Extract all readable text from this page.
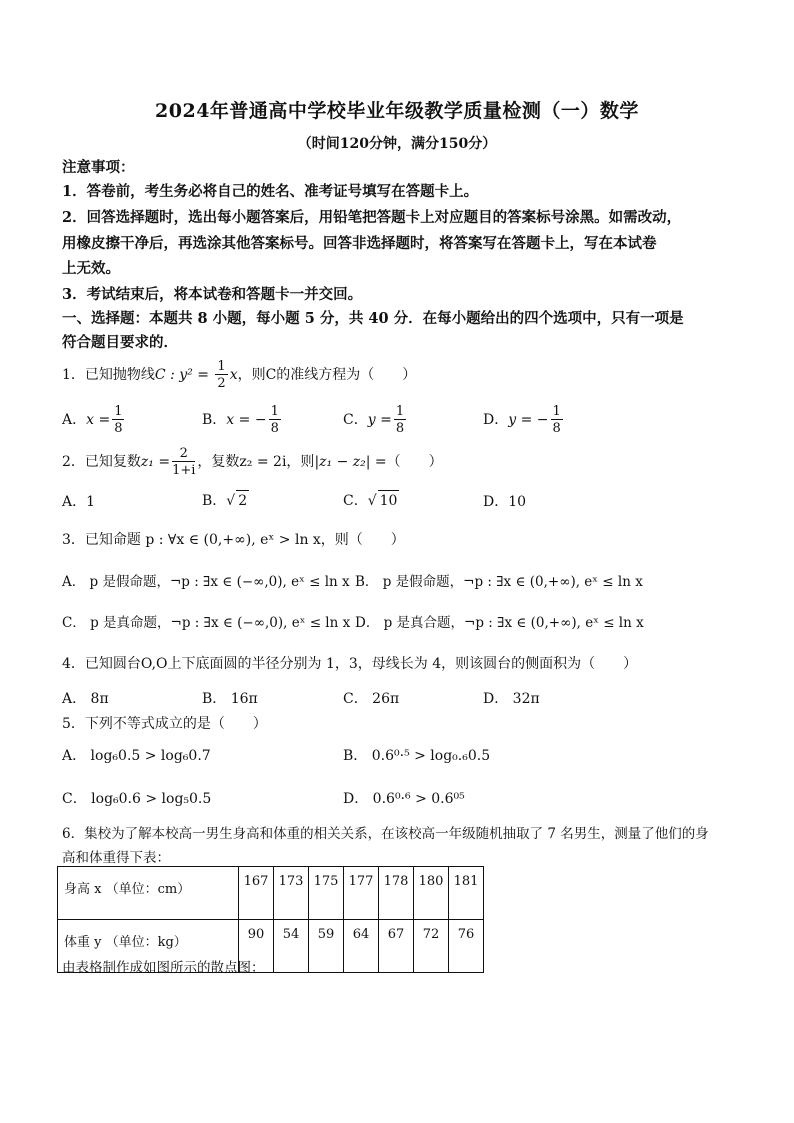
2024年普通高中学校毕业年级教学质量检测（一）数学
（时间120分钟，满分150分）
注意事项：
1．答卷前，考生务必将自己的姓名、准考证号填写在答题卡上。
2．回答选择题时，选出每小题答案后，用铅笔把答题卡上对应题目的答案标号涂黑。如需改动，
用橡皮擦干净后，再选涂其他答案标号。回答非选择题时，将答案写在答题卡上，写在本试卷
上无效。
3．考试结束后，将本试卷和答题卡一并交回。
一、选择题：本题共 8 小题，每小题 5 分，共 40 分．在每小题给出的四个选项中，只有一项是
符合题目要求的．
1．已知抛物线C : $y^2 = \frac{1}{2}$ x，则C的准线方程为（　　）
A．$x = \frac{1}{8}$	B．x = − $\frac{1}{8}$	C．$y = \frac{1}{8}$	D．y = − $\frac{1}{8}$
2．已知复数$z_1 = \frac{2}{1+i}$ ，复数z₂ = 2i，则|z₁ − z₂| =（　　）
A．1	B．√ 2	C．√ 10	D．10
3．已知命题 p : ∀x ∈ (0,+∞), eˣ > ln x，则（　　）
A． p 是假命题，¬p : ∃x ∈ (−∞,0), eˣ ≤ ln x B． p 是假命题，¬p : ∃x ∈ (0,+∞), eˣ ≤ ln x
C． p 是真命题，¬p : ∃x ∈ (−∞,0), eˣ ≤ ln x D． p 是真合题，¬p : ∃x ∈ (0,+∞), eˣ ≤ ln x
4．已知圆台O,O上下底面圆的半径分别为 1，3，母线长为 4，则该圆台的侧面积为（　　）
A． 8π	B． 16π	C． 26π	D． 32π
5．下列不等式成立的是（　　）
A． log₆0.5 > log₆0.7	B． 0.6⁰·⁵ > log₀.₆0.5
C． log₆0.6 > log₅0.5	D． 0.6⁰·⁶ > 0.6⁰⁵
6．集校为了解本校高一男生身高和体重的相关关系，在该校高一年级随机抽取了 7 名男生，测量了他们的身
高和体重得下表：
身高 x （单位：cm）	167	173	175	177	178	180	181
体重 y （单位：kg）	90	54	59	64	67	72	76
由表格制作成如图所示的散点图：
